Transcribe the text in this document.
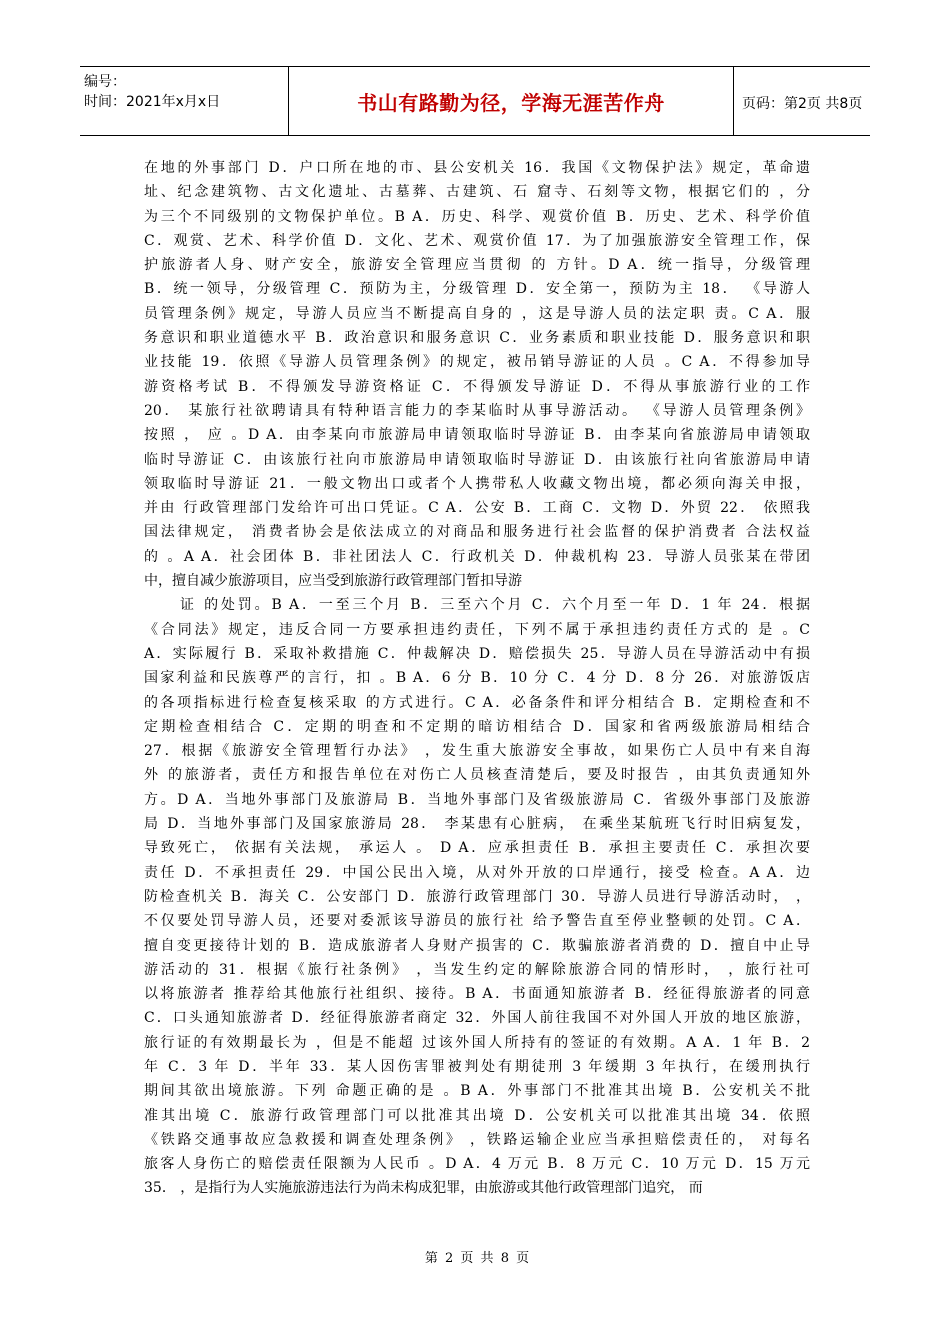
编号：
时间：2021年x月x日	书山有路勤为径，学海无涯苦作舟	页码：第2页 共8页

在地的外事部门 D．户口所在地的市、县公安机关 16．我国《文物保护法》规定，革命遗

址、纪念建筑物、古文化遗址、古墓葬、古建筑、石 窟寺、石刻等文物，根据它们的 ，分

为三个不同级别的文物保护单位。B A．历史、科学、观赏价值 B．历史、艺术、科学价值

C．观赏、艺术、科学价值 D．文化、艺术、观赏价值 17．为了加强旅游安全管理工作，保

护旅游者人身、财产安全，旅游安全管理应当贯彻 的 方针。D A．统一指导，分级管理

B．统一领导，分级管理 C．预防为主，分级管理 D．安全第一，预防为主 18． 《导游人

员管理条例》规定，导游人员应当不断提高自身的 ，这是导游人员的法定职 责。C A．服

务意识和职业道德水平 B．政治意识和服务意识 C．业务素质和职业技能 D．服务意识和职

业技能 19．依照《导游人员管理条例》的规定，被吊销导游证的人员 。C A．不得参加导

游资格考试 B．不得颁发导游资格证 C．不得颁发导游证 D．不得从事旅游行业的工作

20． 某旅行社欲聘请具有特种语言能力的李某临时从事导游活动。 《导游人员管理条例》

按照 ， 应 。D A．由李某向市旅游局申请领取临时导游证 B．由李某向省旅游局申请领取

临时导游证 C．由该旅行社向市旅游局申请领取临时导游证 D．由该旅行社向省旅游局申请

领取临时导游证 21．一般文物出口或者个人携带私人收藏文物出境，都必须向海关申报，

并由 行政管理部门发给许可出口凭证。C A．公安 B．工商 C．文物 D．外贸 22． 依照我

国法律规定， 消费者协会是依法成立的对商品和服务进行社会监督的保护消费者 合法权益

的 。A A．社会团体 B．非社团法人 C．行政机关 D．仲裁机构 23．导游人员张某在带团

中，擅自减少旅游项目，应当受到旅游行政管理部门暂扣导游

证 的处罚。B A．一至三个月 B．三至六个月 C．六个月至一年 D．1 年 24．根据

《合同法》规定，违反合同一方要承担违约责任，下列不属于承担违约责任方式的 是 。C

A．实际履行 B．采取补救措施 C．仲裁解决 D．赔偿损失 25．导游人员在导游活动中有损

国家利益和民族尊严的言行，扣 。B A．6 分 B．10 分 C．4 分 D．8 分 26．对旅游饭店

的各项指标进行检查复核采取 的方式进行。C A．必备条件和评分相结合 B．定期检查和不

定期检查相结合 C．定期的明查和不定期的暗访相结合 D．国家和省两级旅游局相结合

27．根据《旅游安全管理暂行办法》 ，发生重大旅游安全事故，如果伤亡人员中有来自海

外 的旅游者，责任方和报告单位在对伤亡人员核查清楚后，要及时报告 ，由其负责通知外

方。D A．当地外事部门及旅游局 B．当地外事部门及省级旅游局 C．省级外事部门及旅游

局 D．当地外事部门及国家旅游局 28． 李某患有心脏病， 在乘坐某航班飞行时旧病复发，

导致死亡， 依据有关法规， 承运人 。 D A．应承担责任 B．承担主要责任 C．承担次要

责任 D．不承担责任 29．中国公民出入境，从对外开放的口岸通行，接受 检查。A A．边

防检查机关 B．海关 C．公安部门 D．旅游行政管理部门 30．导游人员进行导游活动时， ，

不仅要处罚导游人员，还要对委派该导游员的旅行社 给予警告直至停业整顿的处罚。C A．

擅自变更接待计划的 B．造成旅游者人身财产损害的 C．欺骗旅游者消费的 D．擅自中止导

游活动的 31．根据《旅行社条例》 ，当发生约定的解除旅游合同的情形时， ，旅行社可

以将旅游者 推荐给其他旅行社组织、接待。B A．书面通知旅游者 B．经征得旅游者的同意

C．口头通知旅游者 D．经征得旅游者商定 32．外国人前往我国不对外国人开放的地区旅游，

旅行证的有效期最长为 ，但是不能超 过该外国人所持有的签证的有效期。A A．1 年 B．2

年 C．3 年 D．半年 33．某人因伤害罪被判处有期徒刑 3 年缓期 3 年执行，在缓刑执行

期间其欲出境旅游。下列 命题正确的是 。B A．外事部门不批准其出境 B．公安机关不批

准其出境 C．旅游行政管理部门可以批准其出境 D．公安机关可以批准其出境 34．依照

《铁路交通事故应急救援和调查处理条例》 ，铁路运输企业应当承担赔偿责任的， 对每名

旅客人身伤亡的赔偿责任限额为人民币 。D A．4 万元 B．8 万元 C．10 万元 D．15 万元

35． ，是指行为人实施旅游违法行为尚未构成犯罪，由旅游或其他行政管理部门追究， 而

第 2 页 共 8 页
